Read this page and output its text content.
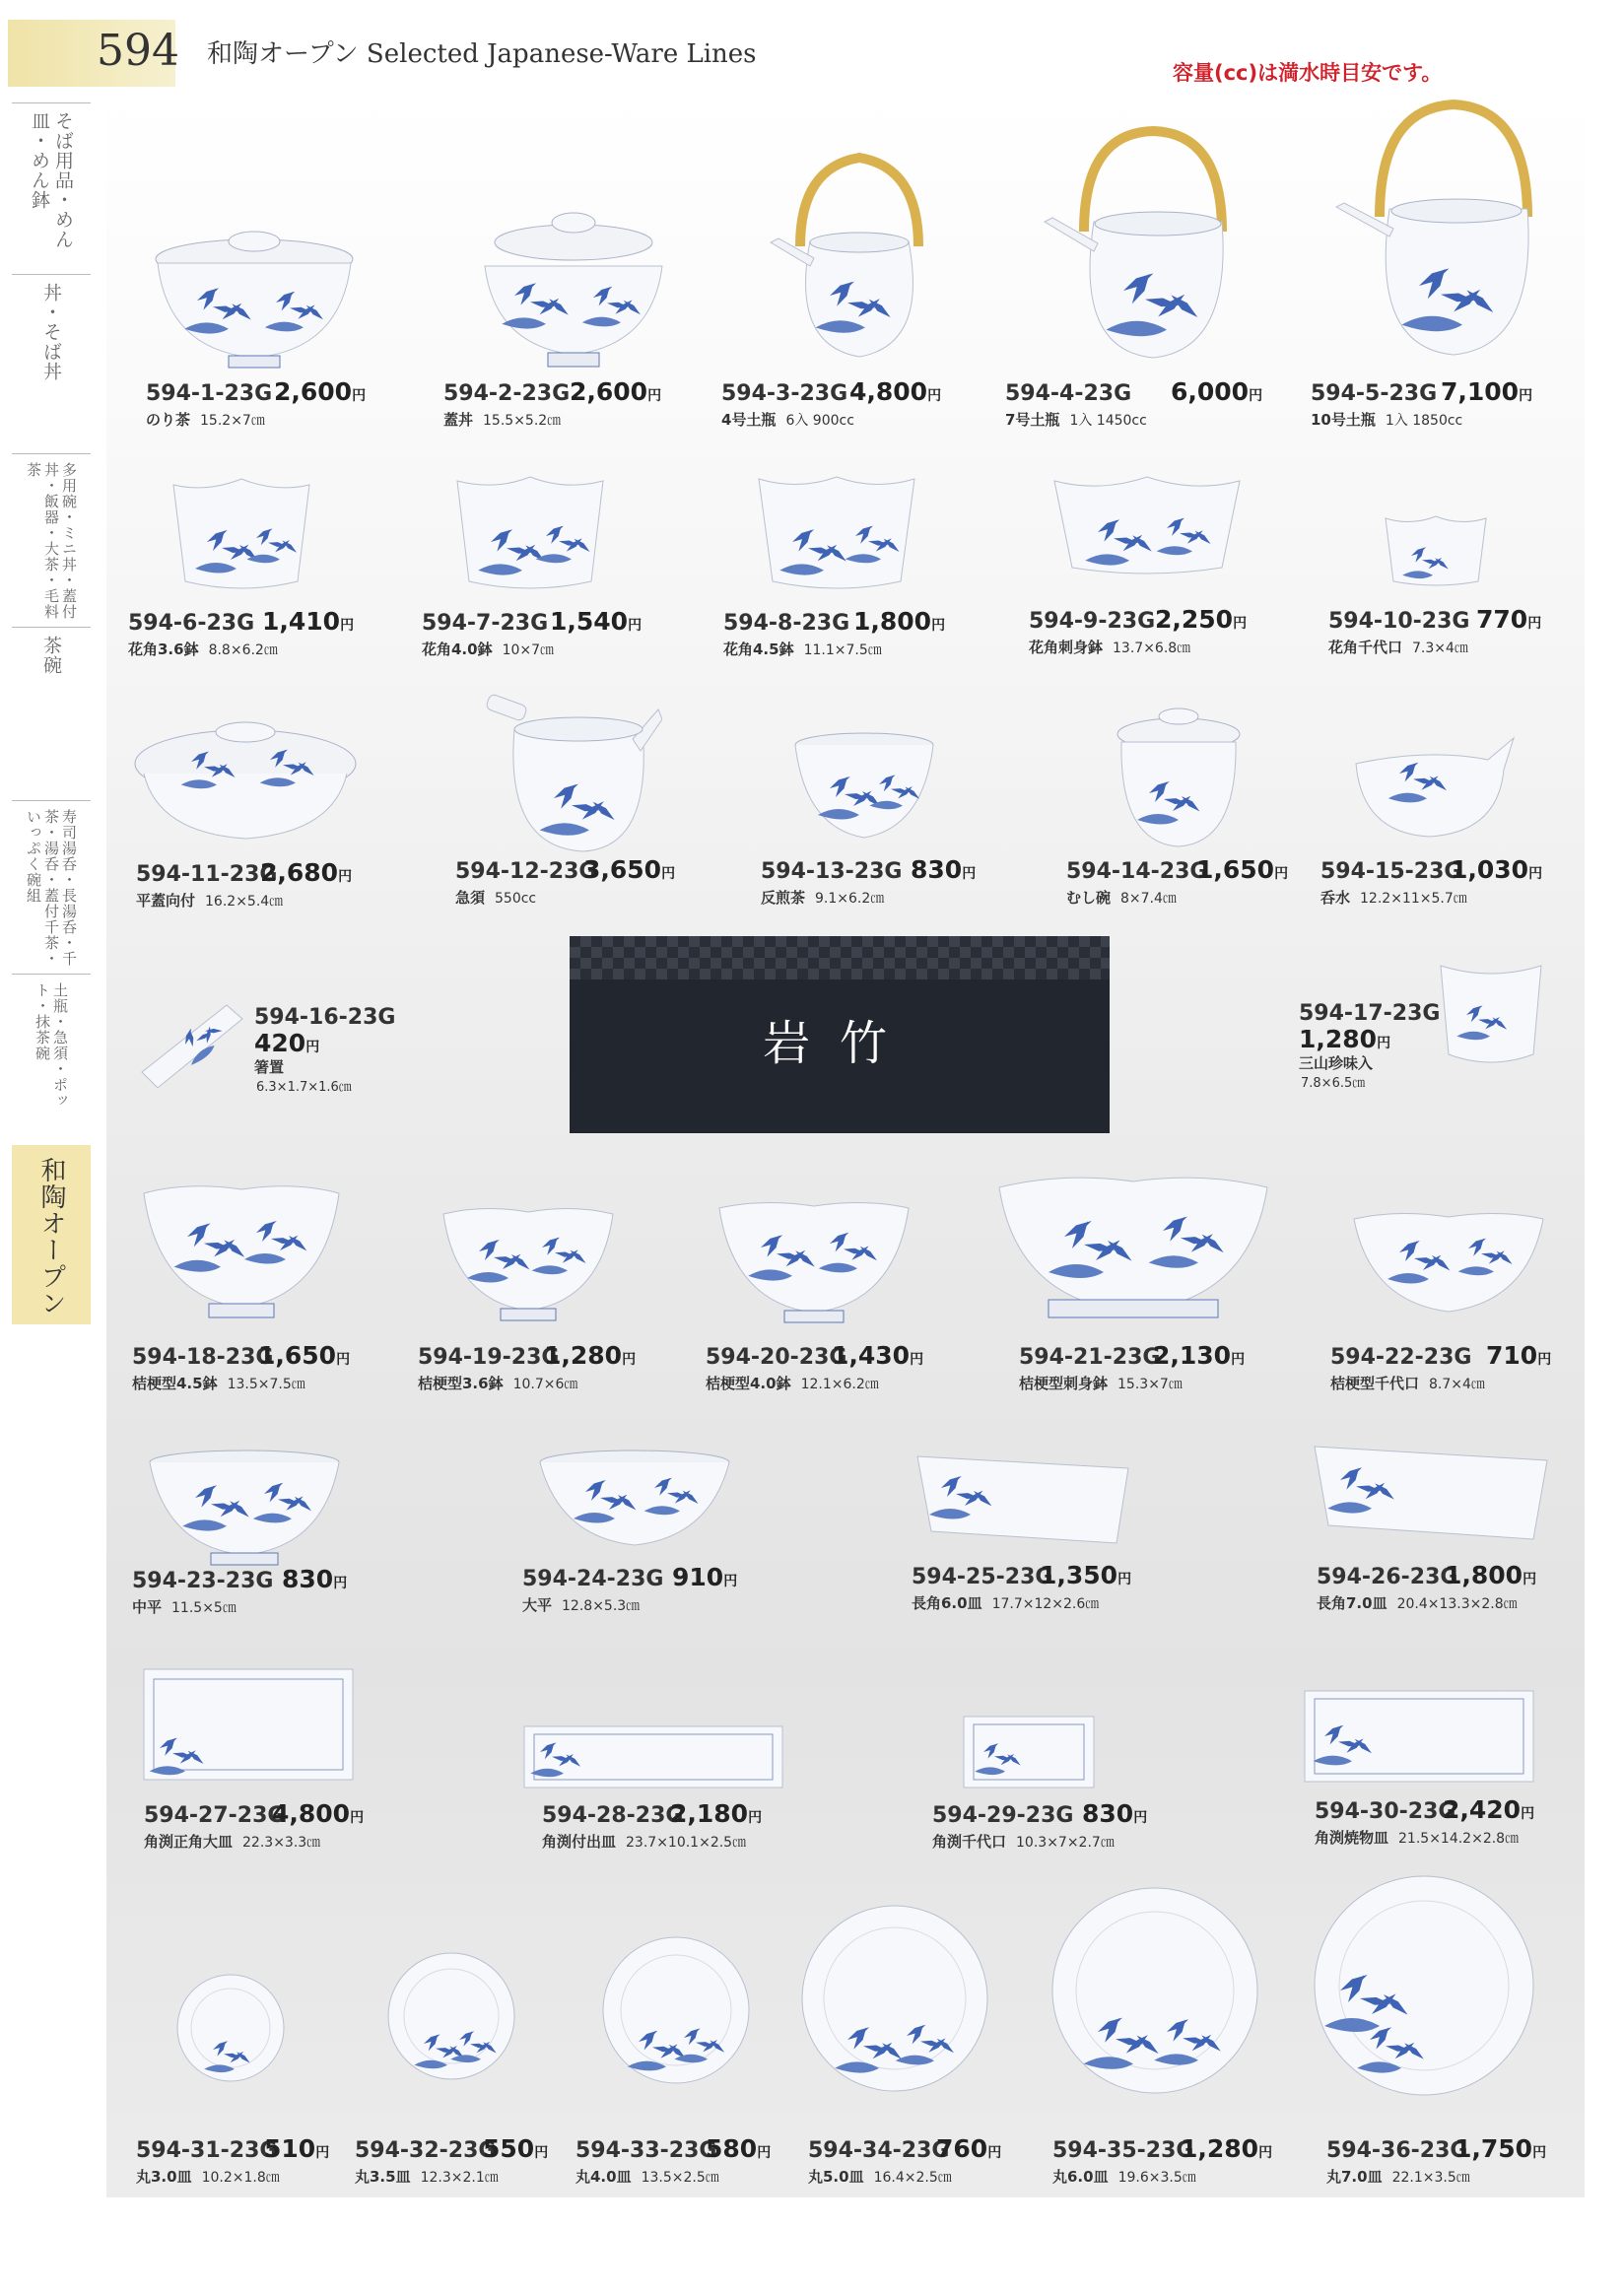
594 和陶オープン Selected Japanese-Ware Lines
容量(cc)は満水時目安です。
そば用品・めん皿・めん鉢
丼・そば丼
多用碗・ミニ丼・蓋付丼・飯器・大茶・毛料茶
茶碗
寿司湯呑・長湯呑・千茶・湯呑・蓋付千茶・いっぷく碗組
土瓶・急須・ポット・抹茶碗
和陶オープン
岩竹
594-1-23G 2,600円
のり茶 15.2×7㎝
594-2-23G 2,600円
蓋丼 15.5×5.2㎝
594-3-23G 4,800円
4号土瓶 6入 900cc
594-4-23G 6,000円
7号土瓶 1入 1450cc
594-5-23G 7,100円
10号土瓶 1入 1850cc
594-6-23G 1,410円
花角3.6鉢 8.8×6.2㎝
594-7-23G 1,540円
花角4.0鉢 10×7㎝
594-8-23G 1,800円
花角4.5鉢 11.1×7.5㎝
594-9-23G 2,250円
花角刺身鉢 13.7×6.8㎝
594-10-23G 770円
花角千代口 7.3×4㎝
594-11-23G
2,680円
平蓋向付 16.2×5.4㎝
594-12-23G
3,650円
急須 550cc
594-13-23G 830円
反煎茶 9.1×6.2㎝
594-14-23G
1,650円
むし碗 8×7.4㎝
594-15-23G
1,030円
呑水 12.2×11×5.7㎝
594-16-23G
420円
箸置
6.3×1.7×1.6㎝
594-17-23G
1,280円
三山珍味入
7.8×6.5㎝
594-18-23G
1,650円
桔梗型4.5鉢 13.5×7.5㎝
594-19-23G
1,280円
桔梗型3.6鉢 10.7×6㎝
594-20-23G
1,430円
桔梗型4.0鉢 12.1×6.2㎝
594-21-23G
2,130円
桔梗型刺身鉢 15.3×7㎝
594-22-23G 710円
桔梗型千代口 8.7×4㎝
594-23-23G 830円
中平 11.5×5㎝
594-24-23G 910円
大平 12.8×5.3㎝
594-25-23G
1,350円
長角6.0皿 17.7×12×2.6㎝
594-26-23G
1,800円
長角7.0皿 20.4×13.3×2.8㎝
594-27-23G
4,800円
角渕正角大皿 22.3×3.3㎝
594-28-23G
2,180円
角渕付出皿 23.7×10.1×2.5㎝
594-29-23G 830円
角渕千代口 10.3×7×2.7㎝
594-30-23G
2,420円
角渕焼物皿 21.5×14.2×2.8㎝
594-31-23G
510円
丸3.0皿 10.2×1.8㎝
594-32-23G
550円
丸3.5皿 12.3×2.1㎝
594-33-23G
580円
丸4.0皿 13.5×2.5㎝
594-34-23G
760円
丸5.0皿 16.4×2.5㎝
594-35-23G
1,280円
丸6.0皿 19.6×3.5㎝
594-36-23G
1,750円
丸7.0皿 22.1×3.5㎝
